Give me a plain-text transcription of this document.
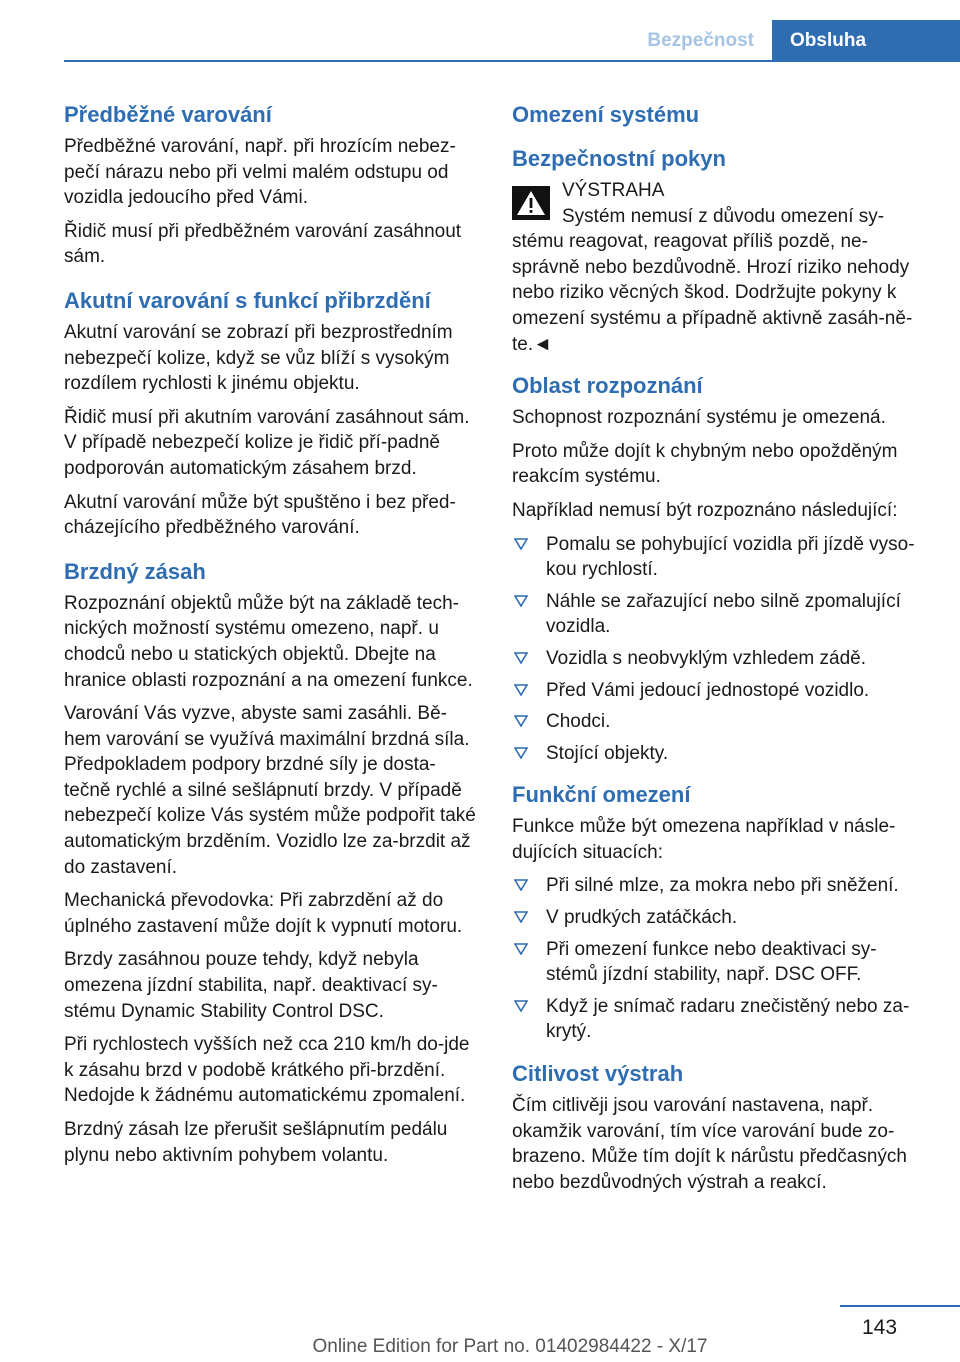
Bezpečnost	Obsluha
Předběžné varování

Předběžné varování, např. při hrozícím nebez-pečí nárazu nebo při velmi malém odstupu od vozidla jedoucího před Vámi.

Řidič musí při předběžném varování zasáhnout sám.

Akutní varování s funkcí přibrzdění

Akutní varování se zobrazí při bezprostředním nebezpečí kolize, když se vůz blíží s vysokým rozdílem rychlosti k jinému objektu.

Řidič musí při akutním varování zasáhnout sám. V případě nebezpečí kolize je řidič pří-padně podporován automatickým zásahem brzd.

Akutní varování může být spuštěno i bez před-cházejícího předběžného varování.

Brzdný zásah

Rozpoznání objektů může být na základě tech-nických možností systému omezeno, např. u chodců nebo u statických objektů. Dbejte na hranice oblasti rozpoznání a na omezení funkce.

Varování Vás vyzve, abyste sami zasáhli. Bě-hem varování se využívá maximální brzdná síla. Předpokladem podpory brzdné síly je dosta-tečně rychlé a silné sešlápnutí brzdy. V případě nebezpečí kolize Vás systém může podpořit také automatickým brzděním. Vozidlo lze za-brzdit až do zastavení.

Mechanická převodovka: Při zabrzdění až do úplného zastavení může dojít k vypnutí motoru.

Brzdy zasáhnou pouze tehdy, když nebyla omezena jízdní stabilita, např. deaktivací sy-stému Dynamic Stability Control DSC.

Při rychlostech vyšších než cca 210 km/h do-jde k zásahu brzd v podobě krátkého při-brzdění. Nedojde k žádnému automatickému zpomalení.

Brzdný zásah lze přerušit sešlápnutím pedálu plynu nebo aktivním pohybem volantu.

Omezení systému
Bezpečnostní pokyn
VÝSTRAHA
Systém nemusí z důvodu omezení sy-

stému reagovat, reagovat příliš pozdě, ne-správně nebo bezdůvodně. Hrozí riziko nehody nebo riziko věcných škod. Dodržujte pokyny k omezení systému a případně aktivně zasáh-něte.◄

Oblast rozpoznání

Schopnost rozpoznání systému je omezená.

Proto může dojít k chybným nebo opožděným reakcím systému.

Například nemusí být rozpoznáno následující:

Pomalu se pohybující vozidla při jízdě vyso-kou rychlostí.
Náhle se zařazující nebo silně zpomalující vozidla.
Vozidla s neobvyklým vzhledem zádě.
Před Vámi jedoucí jednostopé vozidlo.
Chodci.
Stojící objekty.
Funkční omezení

Funkce může být omezena například v násle-dujících situacích:

Při silné mlze, za mokra nebo při sněžení.
V prudkých zatáčkách.
Při omezení funkce nebo deaktivaci sy-stémů jízdní stability, např. DSC OFF.
Když je snímač radaru znečistěný nebo za-krytý.
Citlivost výstrah

Čím citlivěji jsou varování nastavena, např. okamžik varování, tím více varování bude zo-brazeno. Může tím dojít k nárůstu předčasných nebo bezdůvodných výstrah a reakcí.

143
Online Edition for Part no. 01402984422 - X/17
